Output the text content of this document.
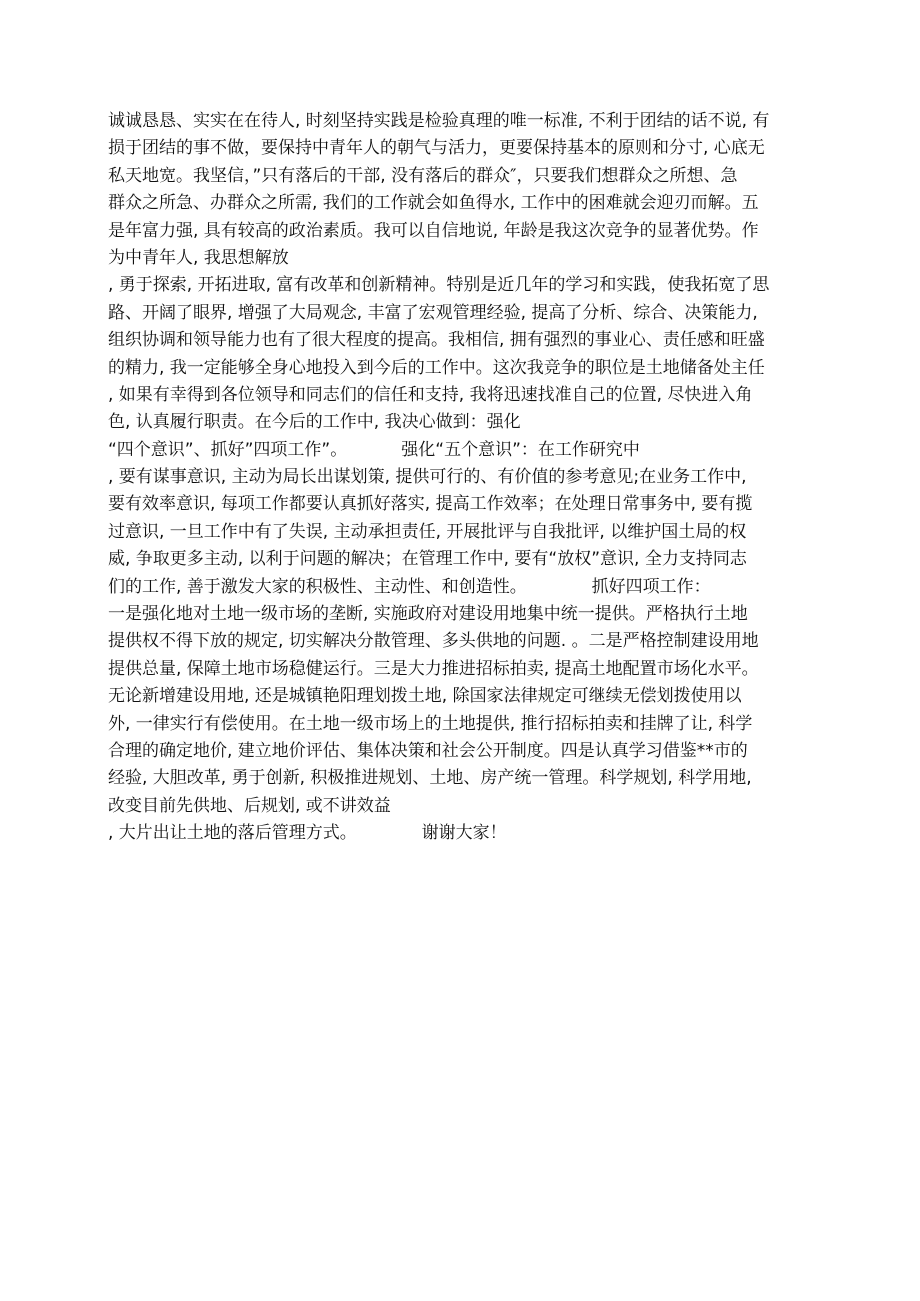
诚诚恳恳、实实在在待人, 时刻坚持实践是检验真理的唯一标准, 不利于团结的话不说, 有
损于团结的事不做，要保持中青年人的朝气与活力，更要保持基本的原则和分寸, 心底无
私天地宽。我坚信，”只有落后的干部, 没有落后的群众″，只要我们想群众之所想、急
群众之所急、办群众之所需, 我们的工作就会如鱼得水, 工作中的困难就会迎刃而解。五
是年富力强, 具有较高的政治素质。我可以自信地说, 年龄是我这次竞争的显著优势。作
为中青年人, 我思想解放
, 勇于探索, 开拓进取, 富有改革和创新精神。特别是近几年的学习和实践，使我拓宽了思
路、开阔了眼界, 增强了大局观念, 丰富了宏观管理经验, 提高了分析、综合、决策能力,
组织协调和领导能力也有了很大程度的提高。我相信, 拥有强烈的事业心、责任感和旺盛
的精力, 我一定能够全身心地投入到今后的工作中。这次我竞争的职位是土地储备处主任
, 如果有幸得到各位领导和同志们的信任和支持, 我将迅速找准自己的位置, 尽快进入角
色, 认真履行职责。在今后的工作中, 我决心做到：强化
“四个意识”、抓好”四项工作”。          强化“五个意识”：在工作研究中
, 要有谋事意识, 主动为局长出谋划策, 提供可行的、有价值的参考意见;在业务工作中,
要有效率意识, 每项工作都要认真抓好落实, 提高工作效率；在处理日常事务中, 要有揽
过意识, 一旦工作中有了失误, 主动承担责任, 开展批评与自我批评, 以维护国土局的权
威, 争取更多主动, 以利于问题的解决；在管理工作中, 要有“放权”意识, 全力支持同志
们的工作, 善于激发大家的积极性、主动性、和创造性。            抓好四项工作：
一是强化地对土地一级市场的垄断, 实施政府对建设用地集中统一提供。严格执行土地
提供权不得下放的规定, 切实解决分散管理、多头供地的问题. 。二是严格控制建设用地
提供总量, 保障土地市场稳健运行。三是大力推进招标拍卖, 提高土地配置市场化水平。
无论新增建设用地, 还是城镇艳阳理划拨土地, 除国家法律规定可继续无偿划拨使用以
外, 一律实行有偿使用。在土地一级市场上的土地提供, 推行招标拍卖和挂牌了让, 科学
合理的确定地价, 建立地价评估、集体决策和社会公开制度。四是认真学习借鉴**市的
经验, 大胆改革, 勇于创新, 积极推进规划、土地、房产统一管理。科学规划, 科学用地,
改变目前先供地、后规划, 或不讲效益
, 大片出让土地的落后管理方式。            谢谢大家！
